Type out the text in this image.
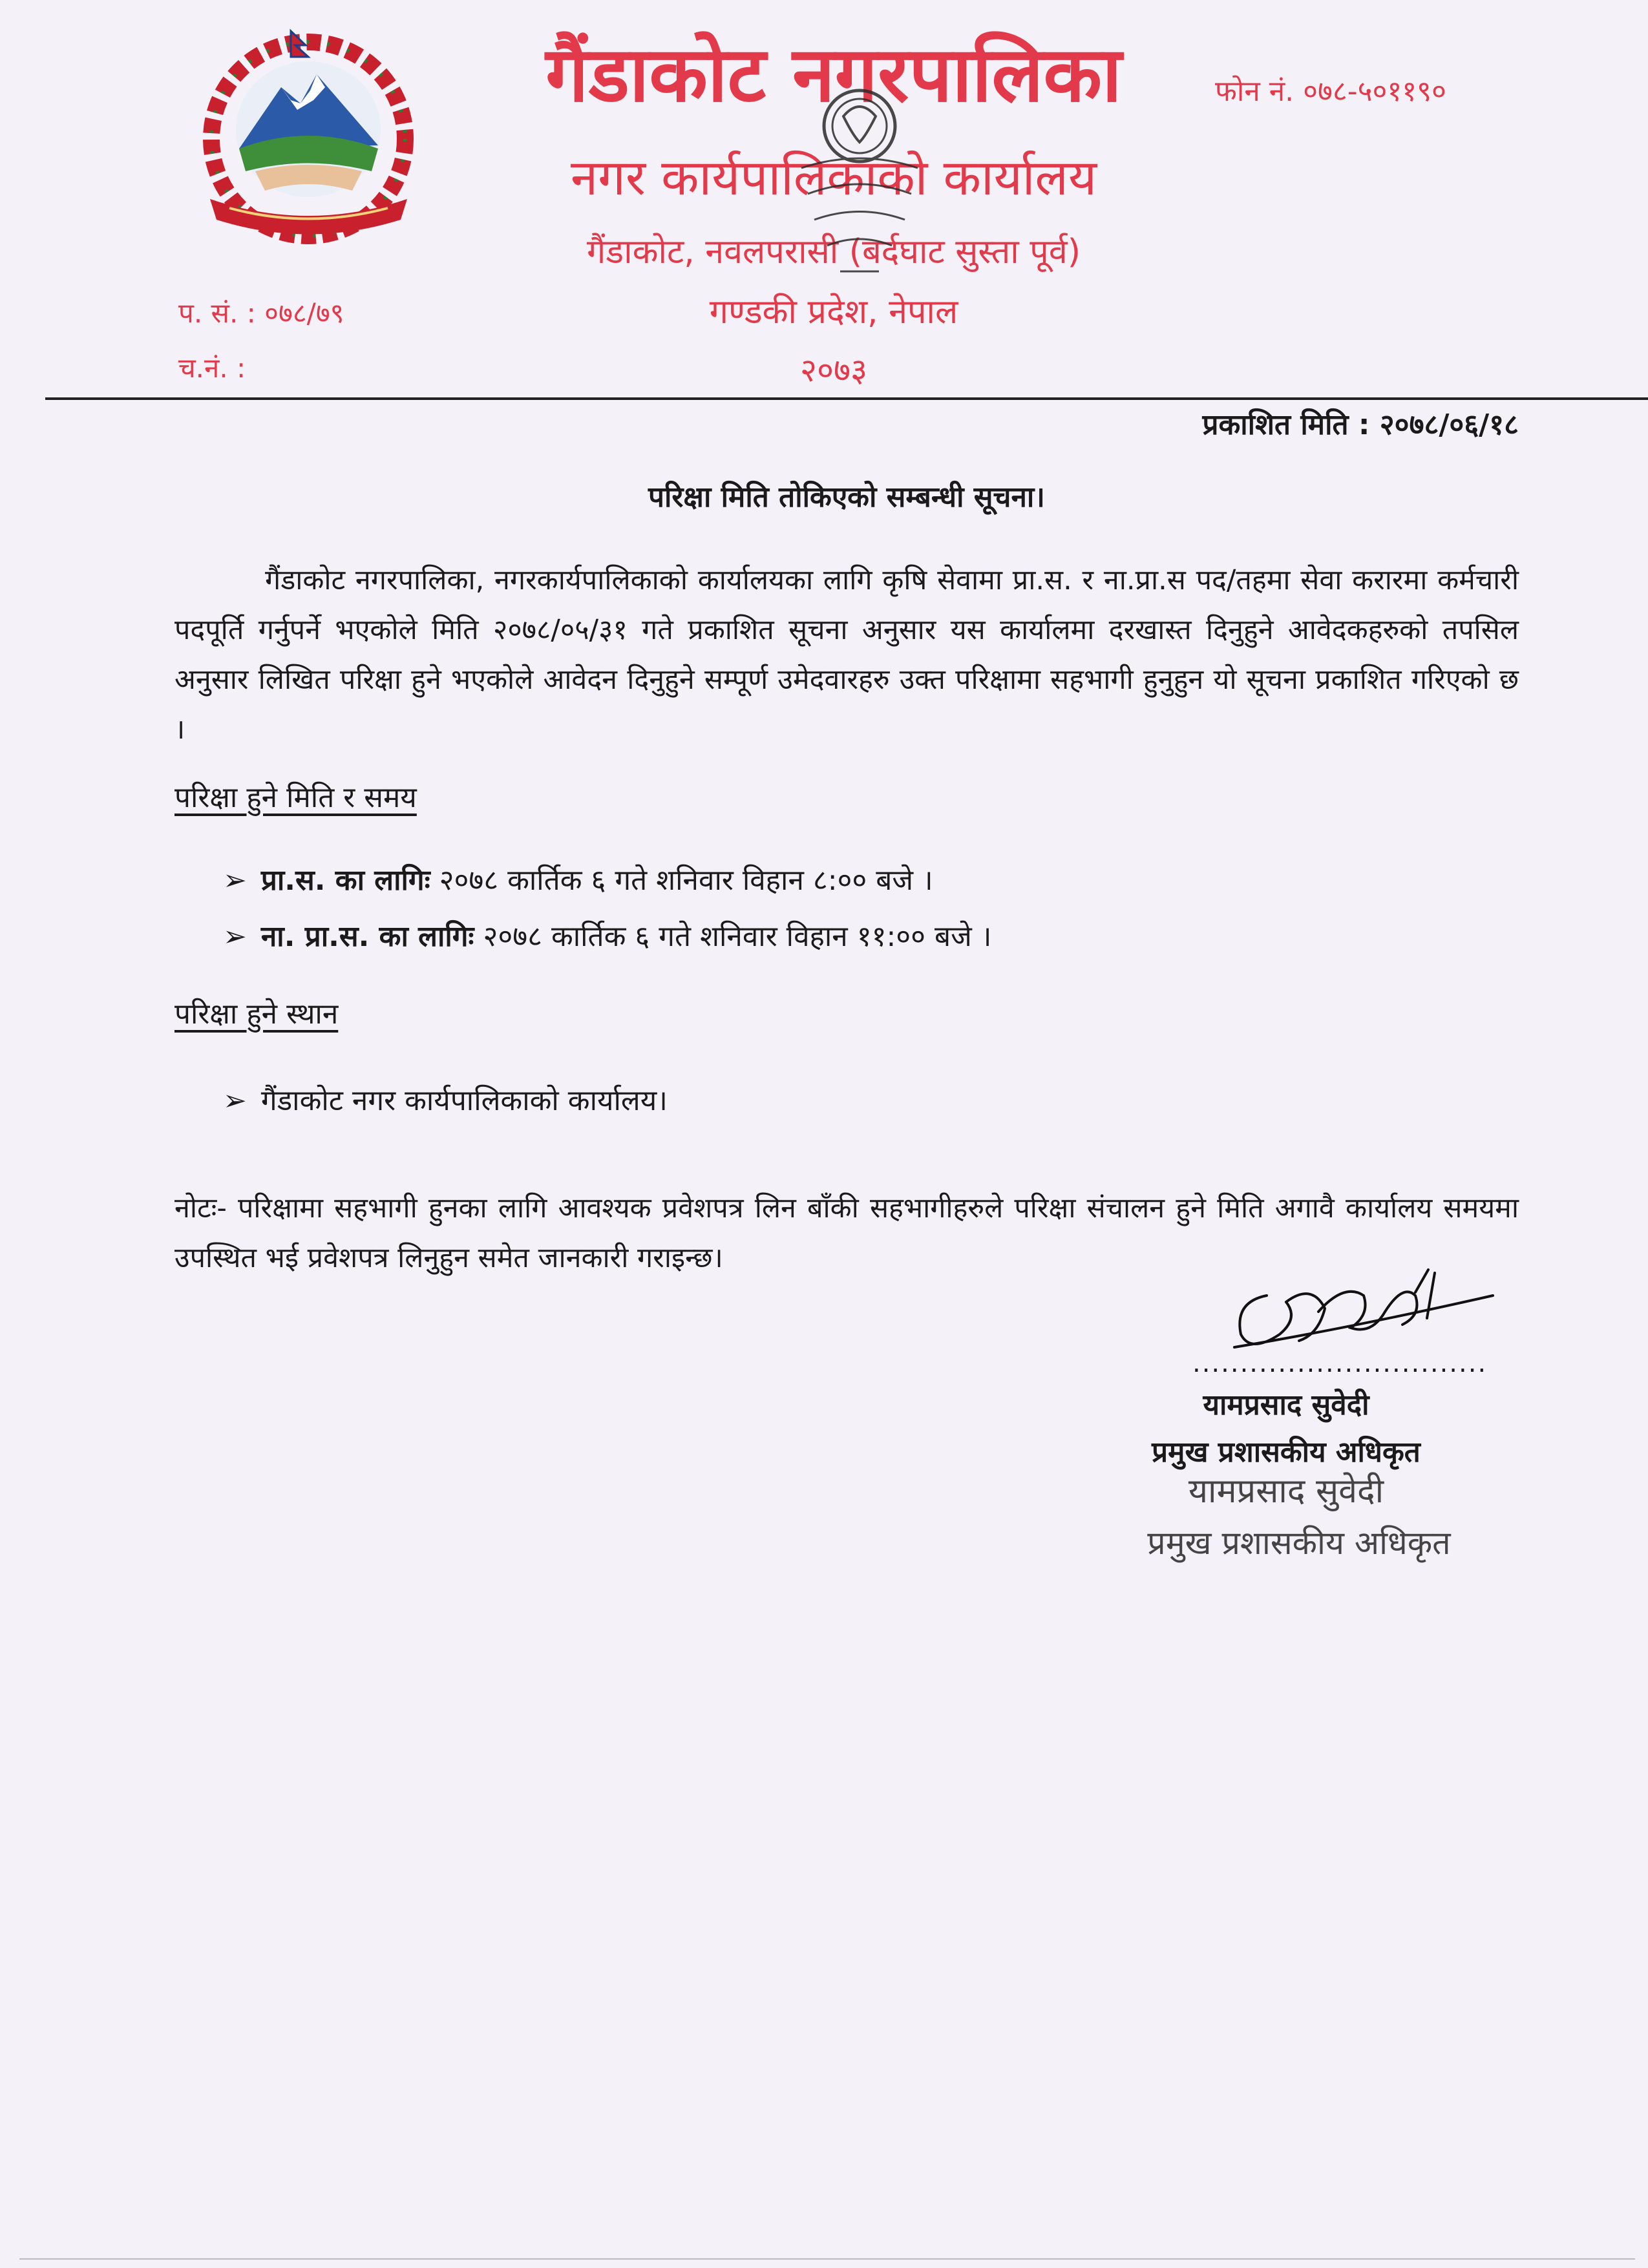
गैंडाकोट नगरपालिका
नगर कार्यपालिकाको कार्यालय
गैंडाकोट, नवलपरासी (बर्दघाट सुस्ता पूर्व)
गण्डकी प्रदेश, नेपाल
२०७३
फोन नं. ०७८-५०११९०
प. सं. : ०७८/७९
च.नं. :
प्रकाशित मिति : २०७८/०६/१८
परिक्षा मिति तोकिएको सम्बन्धी सूचना।
गैंडाकोट नगरपालिका, नगरकार्यपालिकाको कार्यालयका लागि कृषि सेवामा प्रा.स. र ना.प्रा.स पद/तहमा सेवा करारमा कर्मचारी पदपूर्ति गर्नुपर्ने भएकोले मिति २०७८/०५/३१ गते प्रकाशित सूचना अनुसार यस कार्यालमा दरखास्त दिनुहुने आवेदकहरुको तपसिल अनुसार लिखित परिक्षा हुने भएकोले आवेदन दिनुहुने सम्पूर्ण उमेदवारहरु उक्त परिक्षामा सहभागी हुनुहुन यो सूचना प्रकाशित गरिएको छ ।
परिक्षा हुने मिति र समय
➢ प्रा.स. का लागिः २०७८ कार्तिक ६ गते शनिवार विहान ८:०० बजे ।
➢ ना. प्रा.स. का लागिः २०७८ कार्तिक ६ गते शनिवार विहान ११:०० बजे ।
परिक्षा हुने स्थान
➢ गैंडाकोट नगर कार्यपालिकाको कार्यालय।
नोटः- परिक्षामा सहभागी हुनका लागि आवश्यक प्रवेशपत्र लिन बाँकी सहभागीहरुले परिक्षा संचालन हुने मिति अगावै कार्यालय समयमा उपस्थित भई प्रवेशपत्र लिनुहुन समेत जानकारी गराइन्छ।
...............................
यामप्रसाद सुवेदी
प्रमुख प्रशासकीय अधिकृत
यामप्रसाद सुवेदी
प्रमुख प्रशासकीय अधिकृत
